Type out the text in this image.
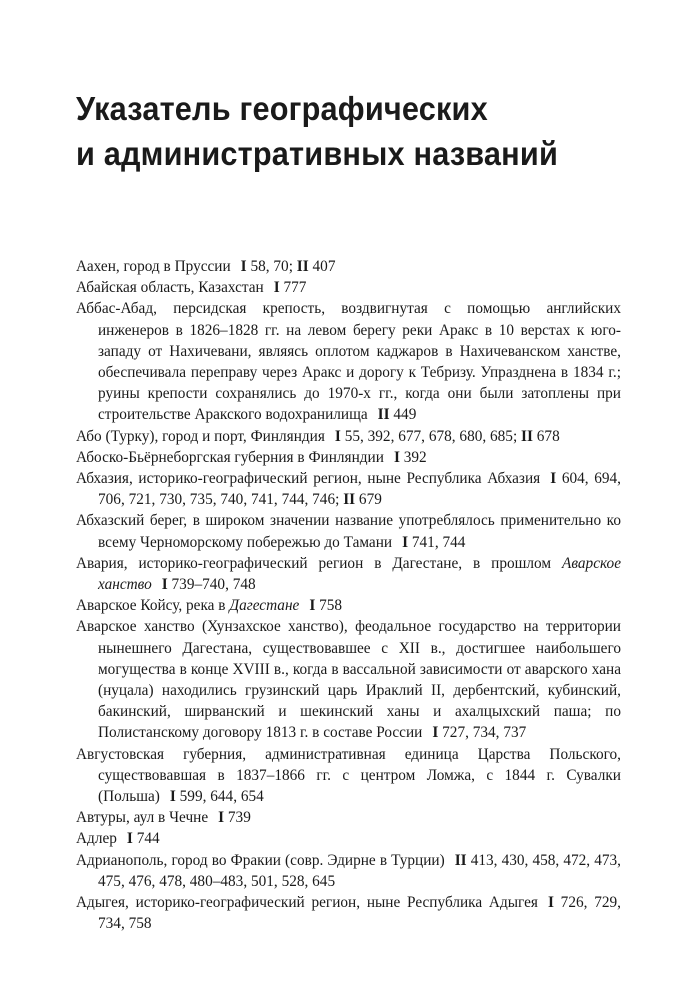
Указатель географических
и административных названий

Аахен, город в Пруссии I 58, 70; II 407

Абайская область, Казахстан I 777

Аббас-Абад, персидская крепость, воздвигнутая с помощью английских инженеров в 1826–1828 гг. на левом берегу реки Аракс в 10 верстах к юго-западу от Нахичевани, являясь оплотом каджаров в Нахичеванском ханстве, обеспечивала переправу через Аракс и дорогу к Тебризу. Упразднена в 1834 г.; руины крепости сохранялись до 1970-х гг., когда они были затоплены при строительстве Аракского водохранилища II 449

Або (Турку), город и порт, Финляндия I 55, 392, 677, 678, 680, 685; II 678

Абоско-Бьёрнеборгская губерния в Финляндии I 392

Абхазия, историко-географический регион, ныне Республика Абхазия I 604, 694, 706, 721, 730, 735, 740, 741, 744, 746; II 679

Абхазский берег, в широком значении название употреблялось применительно ко всему Черноморскому побережью до Тамани I 741, 744

Авария, историко-географический регион в Дагестане, в прошлом Аварское ханство I 739–740, 748

Аварское Койсу, река в Дагестане I 758

Аварское ханство (Хунзахское ханство), феодальное государство на территории нынешнего Дагестана, существовавшее с XII в., достигшее наибольшего могущества в конце XVIII в., когда в вассальной зависимости от аварского хана (нуцала) находились грузинский царь Ираклий II, дербентский, кубинский, бакинский, ширванский и шекинский ханы и ахалцыхский паша; по Полистанскому договору 1813 г. в составе России I 727, 734, 737

Августовская губерния, административная единица Царства Польского, существовавшая в 1837–1866 гг. с центром Ломжа, с 1844 г. Сувалки (Польша) I 599, 644, 654

Автуры, аул в Чечне I 739

Адлер I 744

Адрианополь, город во Фракии (совр. Эдирне в Турции) II 413, 430, 458, 472, 473, 475, 476, 478, 480–483, 501, 528, 645

Адыгея, историко-географический регион, ныне Республика Адыгея I 726, 729, 734, 758
